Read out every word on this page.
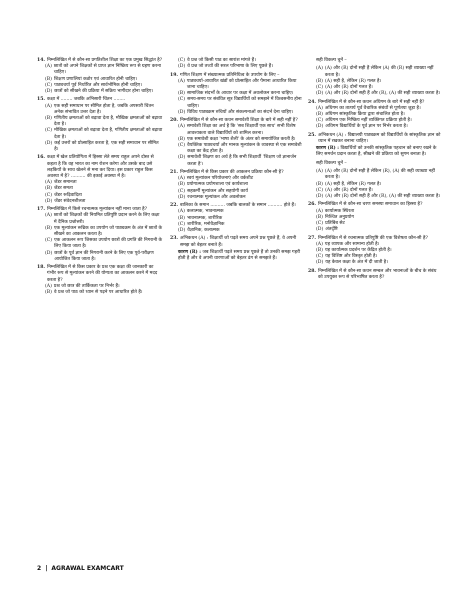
14. निम्नलिखित में से कौन-सा प्रगतिशील शिक्षा का एक प्रमुख सिद्धांत है?
(A) छात्रों को अपने शिक्षकों से प्राप्त ज्ञान निष्क्रिय रूप से ग्रहण करना चाहिए।
(B) शिक्षण प्रणालियां कठोर एवं आधारित होनी चाहिए।
(C) पाठ्यचर्या पूर्व निर्धारित और सार्वभौमिक होनी चाहिए।
(D) छात्रों को सीखने की प्रक्रिया में सक्रिय भागीदार होना चाहिए।
15. कक्षा में ........ जबकि अभिसारी चिंतन ........
(A) एक सही समाधान पर सीमित होता है, जबकि अपसारी चिंतन अनेक संभावित उत्तर देता है।
(B) गणितीय क्षमताओं को बढ़ावा देता है, मौखिक क्षमताओं को बढ़ावा देता है।
(C) मौखिक क्षमताओं को बढ़ावा देता है, गणितीय क्षमताओं को बढ़ावा देता है।
(D) कई उत्तरों को प्रोत्साहित करता है, एक सही समाधान पर सीमित है।
16. कक्षा में खेल प्रतियोगिता में हिस्सा लेते समय राहुल अपने दोस्त से कहता है कि वह भारत का नाम रोशन करेगा और उसके बाद उसे लड़कियों के साथ खेलने से मना कर दिया। इस प्रकार राहुल किस अवस्था में है? .......... की इकाई अवस्था में है।
(A) जेंडर समानता
(B) जेंडर समता
(C) जेंडर रूढ़िवादिता
(D) जेंडर संवेदनशीलता
17. निम्नलिखित में किसे रचनात्मक मूल्यांकन नहीं माना जाता है?
(A) छात्रों को शिक्षकों की नियमित प्रतिपुष्टि प्रदान करने के लिए कक्षा में दैनिक प्रश्नोत्तरी।
(B) एक मूल्यांकन रूब्रिक का उपयोग जो पाठ्यक्रम के अंत में छात्रों के सीखने का आकलन करता है।
(C) एक आकलन रूप जिसका उपयोग छात्रों की प्रगति की निगरानी के लिए किया जाता है।
(D) छात्रों के पूर्व ज्ञान की निगरानी करने के लिए एक पूर्व-परीक्षण आयोजित किया जाता है।
18. निम्नलिखित में से किस प्रकार के प्रश्न एक कक्षा की जानकारी का गंभीर रूप से मूल्यांकन करने की योग्यता का आकलन करने में मदद करता है?
(A) प्रश्न जो छात्र की तार्किकता पर निर्भर हैं।
(B) वे प्रश्न जो पाठ को ध्यान से पढ़ने पर आधारित होते हैं।
(C) वे प्रश्न जो किसी पाठ का सारांश मांगते हैं।
(D) वे प्रश्न जो तथ्यों की सरल परिभाषा के लिए पूछते हैं।
19. गणित शिक्षण में संख्यात्मक प्रतिनिधित्व के उपयोग के लिए –
(A) पाठ्यचर्या-आधारित खंडों को प्रोत्साहित और पैमाना आधारित किया जाना चाहिए।
(B) सामाजिक संदर्भों के आधार पर कक्षा में अवलोकन करना चाहिए।
(C) समय-समय पर संबंधित सूत्र विद्यार्थियों को समझने में विश्वसनीय होना चाहिए।
(D) विविध पाठ्यक्रम रुचियों और संकल्पनाओं का संदर्भ देना चाहिए।
20. निम्नलिखित में से कौन-सा कथन समावेशी शिक्षा के बारे में सही नहीं है?
(A) समावेशी शिक्षा का अर्थ है कि 'सब शिक्षार्थी एक साथ' सभी विशेष आवश्यकता वाले विद्यार्थियों को शामिल करना।
(B) एक समावेशी कक्षा 'भाषा शैली' के अंतर को समायोजित करती है।
(C) वैयक्तिक पाठ्यचर्या और मानक मूल्यांकन के व्यवस्था से एक समावेशी कक्षा का केंद्र होता है।
(D) समावेशी शिक्षण का अर्थ है कि सभी शिक्षार्थी ‘शिक्षण जो ज्ञानार्जन करता है'।
21. निम्नलिखित में से किस प्रकार की आकलन प्रक्रिया कौन-सी है?
(A) स्वयं मूल्यांकन परियोजनाएं और वर्कशीट
(B) प्रयोगात्मक प्रयोगशाला एवं कार्यशाला
(C) सहकर्मी मूल्यांकन और सहयोगी कार्य
(D) रचनात्मक मूल्यांकन और अवलोकन
22. बालिका के समान .......... जबकि बालकों के समान .......... होते हैं।
(A) कलात्मक, भावनात्मक
(B) भावनात्मक, शारीरिक
(C) शारीरिक, मनोवैज्ञानिक
(D) वैज्ञानिक, कलात्मक
23. अभिकथन (A) : शिक्षार्थी जो पढ़ते समय अपने प्रश्न पूछते हैं, वे अपनी समझ को बेहतर बनाते हैं।
कारण (R) : जब शिक्षार्थी पढ़ते समय प्रश्न पूछते हैं तो उनकी समझ गहरी होती है और वे अपनी धारणाओं को बेहतर ढंग से समझते हैं।
सही विकल्प चुनें –
(A) (A) और (R) दोनों सही हैं लेकिन (A) की (R) सही व्याख्या नहीं करता है।
(B) (A) सही है, लेकिन (R) गलत है।
(C) (A) और (R) दोनों गलत हैं।
(D) (A) और (R) दोनों सही हैं और (R), (A) की सही व्याख्या करता है।
24. निम्नलिखित में से कौन-सा कथन अधिगम के बारे में सही नहीं है?
(A) अधिगम का तात्पर्य पूर्व वैचारिक संबंधों से पूर्णतया जुड़ा है।
(B) अधिगम सांस्कृतिक क्रिया द्वारा संचालित होता है।
(C) अधिगम एक निष्क्रिय नहीं व्यक्तिगत प्रक्रिया होती है।
(D) अधिगम विद्यार्थियों के पूर्व ज्ञान पर निर्भर करता है।
25. अभिकथन (A) : विद्यालयी पाठ्यक्रम को विद्यार्थियों के सांस्कृतिक ज्ञान को ध्यान में रखकर बनाना चाहिए।
कारण (R) : विद्यार्थियों को उनकी सांस्कृतिक पहचान को बनाए रखने के लिए समर्थन प्रदान करता है, सीखने की प्रक्रिया को सुगम बनाता है।
सही विकल्प चुनें –
(A) (A) और (R) दोनों सही हैं लेकिन (R), (A) की सही व्याख्या नहीं करता है।
(B) (A) सही है, लेकिन (R) गलत है।
(C) (A) और (R) दोनों गलत हैं।
(D) (A) और (R) दोनों सही हैं और (R), (A) की सही व्याख्या करता है।
26. निम्नलिखित में से कौन-सा चरण समस्या समाधान का हिस्सा है?
(A) कार्यात्मक स्थिरता
(B) निश्चित अनुप्रयोग
(C) प्रतिबिंब सेट
(D) अंतर्दृष्टि
27. निम्नलिखित में से रचनात्मक प्रतिपुष्टि की एक विशेषता कौन-सी है?
(A) यह व्यापक और सामान्य होती है।
(B) यह कार्यात्मक प्रदर्शन पर केंद्रित होती है।
(C) यह विशिष्ट और विस्तृत होती है।
(D) यह केवल कक्षा के अंत में दी जाती है।
28. निम्नलिखित में से कौन-सा कथन सम्बल और भावनाओं के बीच के संबंध को उपयुक्त रूप से परिभाषित करता है?
2 | AGRAWAL EXAMCART
